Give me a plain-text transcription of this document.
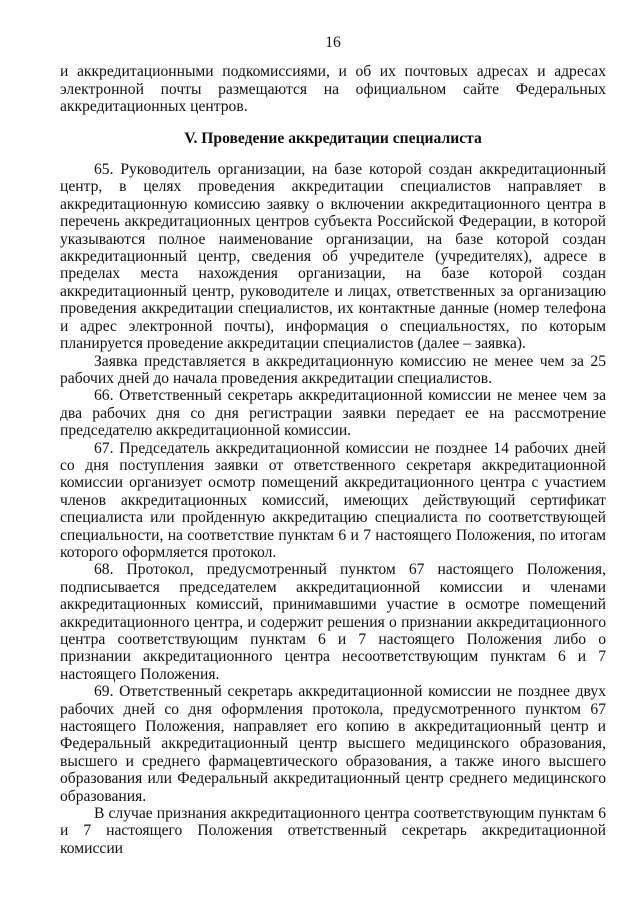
16

и аккредитационными подкомиссиями, и об их почтовых адресах и адресах электронной почты размещаются на официальном сайте Федеральных аккредитационных центров.

V. Проведение аккредитации специалиста

65. Руководитель организации, на базе которой создан аккредитационный центр, в целях проведения аккредитации специалистов направляет в аккредитационную комиссию заявку о включении аккредитационного центра в перечень аккредитационных центров субъекта Российской Федерации, в которой указываются полное наименование организации, на базе которой создан аккредитационный центр, сведения об учредителе (учредителях), адресе в пределах места нахождения организации, на базе которой создан аккредитационный центр, руководителе и лицах, ответственных за организацию проведения аккредитации специалистов, их контактные данные (номер телефона и адрес электронной почты), информация о специальностях, по которым планируется проведение аккредитации специалистов (далее – заявка).

Заявка представляется в аккредитационную комиссию не менее чем за 25 рабочих дней до начала проведения аккредитации специалистов.

66. Ответственный секретарь аккредитационной комиссии не менее чем за два рабочих дня со дня регистрации заявки передает ее на рассмотрение председателю аккредитационной комиссии.

67. Председатель аккредитационной комиссии не позднее 14 рабочих дней со дня поступления заявки от ответственного секретаря аккредитационной комиссии организует осмотр помещений аккредитационного центра с участием членов аккредитационных комиссий, имеющих действующий сертификат специалиста или пройденную аккредитацию специалиста по соответствующей специальности, на соответствие пунктам 6 и 7 настоящего Положения, по итогам которого оформляется протокол.

68. Протокол, предусмотренный пунктом 67 настоящего Положения, подписывается председателем аккредитационной комиссии и членами аккредитационных комиссий, принимавшими участие в осмотре помещений аккредитационного центра, и содержит решения о признании аккредитационного центра соответствующим пунктам 6 и 7 настоящего Положения либо о признании аккредитационного центра несоответствующим пунктам 6 и 7 настоящего Положения.

69. Ответственный секретарь аккредитационной комиссии не позднее двух рабочих дней со дня оформления протокола, предусмотренного пунктом 67 настоящего Положения, направляет его копию в аккредитационный центр и Федеральный аккредитационный центр высшего медицинского образования, высшего и среднего фармацевтического образования, а также иного высшего образования или Федеральный аккредитационный центр среднего медицинского образования.

В случае признания аккредитационного центра соответствующим пунктам 6 и 7 настоящего Положения ответственный секретарь аккредитационной комиссии
